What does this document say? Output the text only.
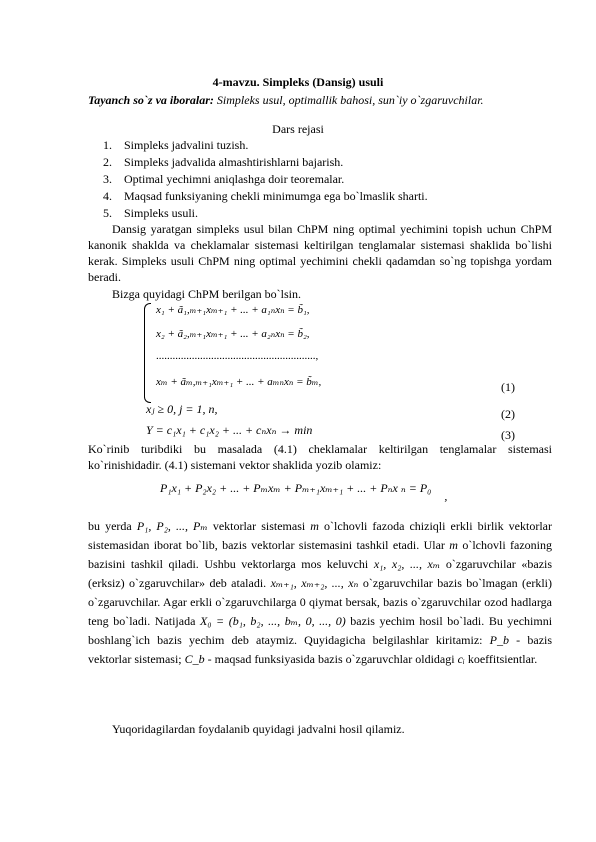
4-mavzu. Simpleks (Dansig) usuli
Tayanch so`z va iboralar: Simpleks usul, optimallik bahosi, sun`iy o`zgaruvchilar.
Dars rejasi
1. Simpleks jadvalini tuzish.
2. Simpleks jadvalida almashtirishlarni bajarish.
3. Optimal yechimni aniqlashga doir teoremalar.
4. Maqsad funksiyaning chekli minimumga ega bo`lmaslik sharti.
5. Simpleks usuli.
Dansig yaratgan simpleks usul bilan ChPM ning optimal yechimini topish uchun ChPM kanonik shaklda va cheklamalar sistemasi keltirilgan tenglamalar sistemasi shaklida bo`lishi kerak. Simpleks usuli ChPM ning optimal yechimini chekli qadamdan so`ng topishga yordam beradi.
Bizga quyidagi ChPM berilgan bo`lsin.
x₁ + ã₁,ₘ₊₁xₘ₊₁ + ... + a₁ₙxₙ = b̃₁,
x₂ + ã₂,ₘ₊₁xₘ₊₁ + ... + a₂ₙxₙ = b̃₂,
..........................................................,
xₘ + ãₘ,ₘ₊₁xₘ₊₁ + ... + aₘₙxₙ = b̃ₘ,	(1)
xⱼ ≥ 0, j = 1, n,	(2)
Y = c₁x₁ + c₁x₂ + ... + cₙxₙ → min	(3)
Ko`rinib turibdiki bu masalada (4.1) cheklamalar keltirilgan tenglamalar sistemasi ko`rinishidadir. (4.1) sistemani vektor shaklida yozib olamiz:
P₁x₁ + P₂x₂ + ... + Pₘxₘ + Pₘ₊₁xₘ₊₁ + ... + Pₙx ₙ = P₀ ,
bu yerda P₁, P₂, ..., Pₘ vektorlar sistemasi m o`lchovli fazoda chiziqli erkli birlik vektorlar sistemasidan iborat bo`lib, bazis vektorlar sistemasini tashkil etadi. Ular m o`lchovli fazoning bazisini tashkil qiladi. Ushbu vektorlarga mos keluvchi x₁, x₂, ..., xₘ o`zgaruvchilar «bazis (erksiz) o`zgaruvchilar» deb ataladi. xₘ₊₁, xₘ₊₂, ..., xₙ o`zgaruvchilar bazis bo`lmagan (erkli) o`zgaruvchilar. Agar erkli o`zgaruvchilarga 0 qiymat bersak, bazis o`zgaruvchilar ozod hadlarga teng bo`ladi. Natijada X₀ = (b₁, b₂, ..., bₘ, 0, ..., 0) bazis yechim hosil bo`ladi. Bu yechimni boshlang`ich bazis yechim deb ataymiz. Quyidagicha belgilashlar kiritamiz: P_b - bazis vektorlar sistemasi; C_b - maqsad funksiyasida bazis o`zgaruvchlar oldidagi cᵢ koeffitsientlar.
Yuqoridagilardan foydalanib quyidagi jadvalni hosil qilamiz.
